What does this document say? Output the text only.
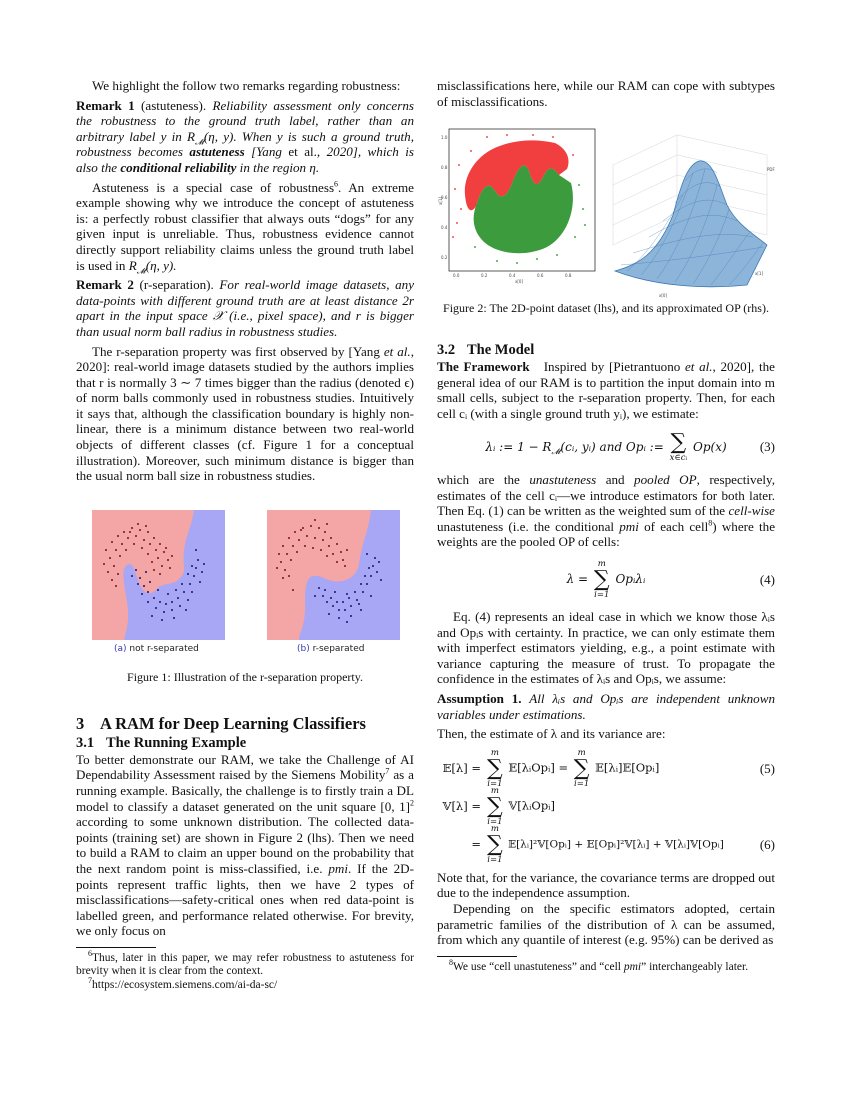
We highlight the follow two remarks regarding robustness:

Remark 1 (astuteness). Reliability assessment only concerns the robustness to the ground truth label, rather than an arbitrary label y in $R_𝓜(\eta$, y). When y is such a ground truth, robustness becomes astuteness [Yang et al., 2020], which is also the conditional reliability in the region η.

Astuteness is a special case of robustness$^6$. An extreme example showing why we introduce the concept of astuteness is: a perfectly robust classifier that always outs “dogs” for any given input is unreliable. Thus, robustness evidence cannot directly support reliability claims unless the ground truth label is used in $R_𝓜(\eta$, y).

Remark 2 (r-separation). For real-world image datasets, any data-points with different ground truth are at least distance 2r apart in the input space 𝒳 (i.e., pixel space), and r is bigger than usual norm ball radius in robustness studies.

The r-separation property was first observed by [Yang et al., 2020]: real-world image datasets studied by the authors implies that r is normally 3 ∼ 7 times bigger than the radius (denoted ϵ) of norm balls commonly used in robustness studies. Intuitively it says that, although the classification boundary is highly non-linear, there is a minimum distance between two real-world objects of different classes (cf. Figure 1 for a conceptual illustration). Moreover, such minimum distance is bigger than the usual norm ball size in robustness studies.

(a) not r-separated	(b) r-separated

Figure 1: Illustration of the r-separation property.

3 A RAM for Deep Learning Classifiers
3.1 The Running Example

To better demonstrate our RAM, we take the Challenge of AI Dependability Assessment raised by the Siemens Mobility$^7$ as a running example. Basically, the challenge is to firstly train a DL model to classify a dataset generated on the unit square [0, 1]$^2$ according to some unknown distribution. The collected data-points (training set) are shown in Figure 2 (lhs). Then we need to build a RAM to claim an upper bound on the probability that the next random point is miss-classified, i.e. pmi. If the 2D-points represent traffic lights, then we have 2 types of misclassifications—safety-critical ones when red data-point is labelled green, and performance related otherwise. For brevity, we only focus on

$^6$Thus, later in this paper, we may refer robustness to astuteness for brevity when it is clear from the context.

$^7$https://ecosystem.siemens.com/ai-da-sc/

misclassifications here, while our RAM can cope with subtypes of misclassifications.

1.0
0.8
0.6
0.4
0.2
0.0	0.2	0.4	0.6	0.8
x[0]
x[1]
PDF
x[0]
x[1]

Figure 2: The 2D-point dataset (lhs), and its approximated OP (rhs).

3.2 The Model

The Framework Inspired by [Pietrantuono et al., 2020], the general idea of our RAM is to partition the input domain into m small cells, subject to the r-separation property. Then, for each cell cᵢ (with a single ground truth yᵢ), we estimate:

λᵢ := $1 - R_𝓜(cᵢ$, yᵢ) and Opᵢ := ∑
x∈cᵢ
Op(x)	(3)

which are the unastuteness and pooled OP, respectively, estimates of the cell cᵢ—we introduce estimators for both later. Then Eq. (1) can be written as the weighted sum of the cell-wise unastuteness (i.e. the conditional pmi of each cell$^8$) where the weights are the pooled OP of cells:

λ =
m
∑
i=1
Opᵢλᵢ	(4)

Eq. (4) represents an ideal case in which we know those λᵢs and Opᵢs with certainty. In practice, we can only estimate them with imperfect estimators yielding, e.g., a point estimate with variance capturing the measure of trust. To propagate the confidence in the estimates of λᵢs and Opᵢs, we assume:

Assumption 1. All λᵢs and Opᵢs are independent unknown variables under estimations.

Then, the estimate of λ and its variance are:

𝔼[λ] =
m
∑
i=1
𝔼[λᵢOpᵢ] =
m
∑
i=1
𝔼[λᵢ]𝔼[Opᵢ]	(5)
𝕍[λ] =
m
∑
i=1
𝕍[λᵢOpᵢ]
=
m
∑
i=1
𝔼[λᵢ]²𝕍[Opᵢ] + 𝔼[Opᵢ]²𝕍[λᵢ] + 𝕍[λᵢ]𝕍[Opᵢ]	(6)

Note that, for the variance, the covariance terms are dropped out due to the independence assumption.

Depending on the specific estimators adopted, certain parametric families of the distribution of λ can be assumed, from which any quantile of interest (e.g. 95%) can be derived as

$^8$We use “cell unastuteness” and “cell pmi” interchangeably later.
